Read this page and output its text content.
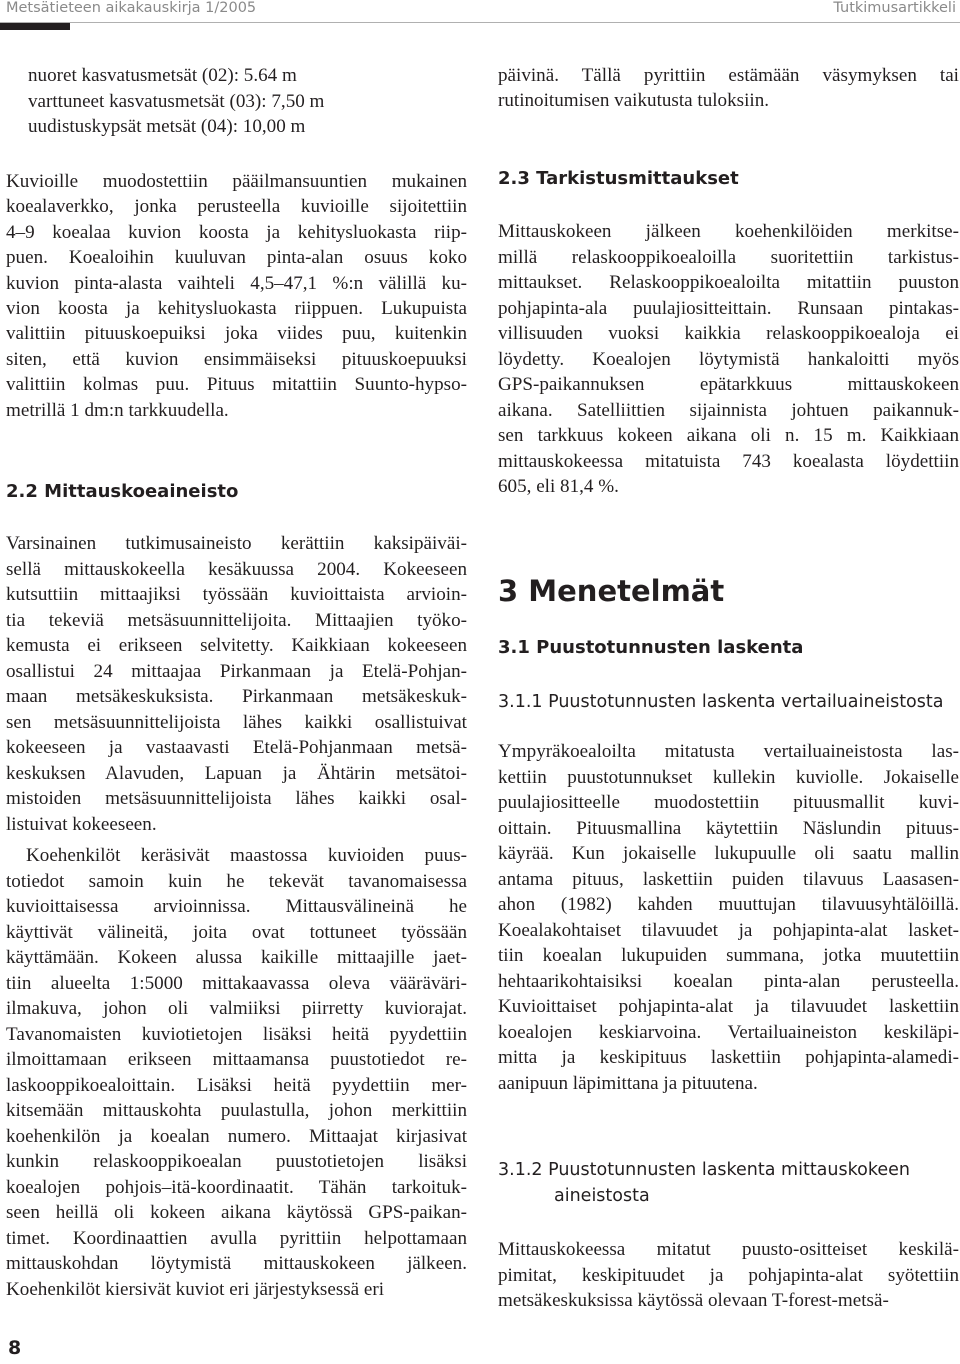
Metsätieteen aikakauskirja 1/2005	Tutkimusartikkeli
nuoret kasvatusmetsät (02): 5.64 m
varttuneet kasvatusmetsät (03): 7,50 m
uudistuskypsät metsät (04): 10,00 m
Kuvioille muodostettiin pääilmansuuntien mukainen
koealaverkko, jonka perusteella kuvioille sijoitettiin
4–9 koealaa kuvion koosta ja kehitysluokasta riip-
puen. Koealoihin kuuluvan pinta-alan osuus koko
kuvion pinta-alasta vaihteli 4,5–47,1 %:n välillä ku-
vion koosta ja kehitysluokasta riippuen. Lukupuista
valittiin pituuskoepuiksi joka viides puu, kuitenkin
siten, että kuvion ensimmäiseksi pituuskoepuuksi
valittiin kolmas puu. Pituus mitattiin Suunto-hypso-
metrillä 1 dm:n tarkkuudella.
2.2 Mittauskoeaineisto
Varsinainen tutkimusaineisto kerättiin kaksipäiväi-
sellä mittauskokeella kesäkuussa 2004. Kokeeseen
kutsuttiin mittaajiksi työssään kuvioittaista arvioin-
tia tekeviä metsäsuunnittelijoita. Mittaajien työko-
kemusta ei erikseen selvitetty. Kaikkiaan kokeeseen
osallistui 24 mittaajaa Pirkanmaan ja Etelä-Pohjan-
maan metsäkeskuksista. Pirkanmaan metsäkeskuk-
sen metsäsuunnittelijoista lähes kaikki osallistuivat
kokeeseen ja vastaavasti Etelä-Pohjanmaan metsä-
keskuksen Alavuden, Lapuan ja Ähtärin metsätoi-
mistoiden metsäsuunnittelijoista lähes kaikki osal-
listuivat kokeeseen.
Koehenkilöt keräsivät maastossa kuvioiden puus-
totiedot samoin kuin he tekevät tavanomaisessa
kuvioittaisessa arvioinnissa. Mittausvälineinä he
käyttivät välineitä, joita ovat tottuneet työssään
käyttämään. Kokeen alussa kaikille mittaajille jaet-
tiin alueelta 1:5000 mittakaavassa oleva vääräväri-
ilmakuva, johon oli valmiiksi piirretty kuviorajat.
Tavanomaisten kuviotietojen lisäksi heitä pyydettiin
ilmoittamaan erikseen mittaamansa puustotiedot re-
laskooppikoealoittain. Lisäksi heitä pyydettiin mer-
kitsemään mittauskohta puulastulla, johon merkittiin
koehenkilön ja koealan numero. Mittaajat kirjasivat
kunkin relaskooppikoealan puustotietojen lisäksi
koealojen pohjois–itä-koordinaatit. Tähän tarkoituk-
seen heillä oli kokeen aikana käytössä GPS-paikan-
timet. Koordinaattien avulla pyrittiin helpottamaan
mittauskohdan löytymistä mittauskokeen jälkeen.
Koehenkilöt kiersivät kuviot eri järjestyksessä eri
päivinä. Tällä pyrittiin estämään väsymyksen tai
rutinoitumisen vaikutusta tuloksiin.
2.3 Tarkistusmittaukset
Mittauskokeen jälkeen koehenkilöiden merkitse-
millä relaskooppikoealoilla suoritettiin tarkistus-
mittaukset. Relaskooppikoealoilta mitattiin puuston
pohjapinta-ala puulajiositteittain. Runsaan pintakas-
villisuuden vuoksi kaikkia relaskooppikoealoja ei
löydetty. Koealojen löytymistä hankaloitti myös
GPS-paikannuksen epätarkkuus mittauskokeen
aikana. Satelliittien sijainnista johtuen paikannuk-
sen tarkkuus kokeen aikana oli n. 15 m. Kaikkiaan
mittauskokeessa mitatuista 743 koealasta löydettiin
605, eli 81,4 %.
3 Menetelmät
3.1 Puustotunnusten laskenta
3.1.1 Puustotunnusten laskenta vertailuaineistosta
Ympyräkoealoilta mitatusta vertailuaineistosta las-
kettiin puustotunnukset kullekin kuviolle. Jokaiselle
puulajiositteelle muodostettiin pituusmallit kuvi-
oittain. Pituusmallina käytettiin Näslundin pituus-
käyrää. Kun jokaiselle lukupuulle oli saatu mallin
antama pituus, laskettiin puiden tilavuus Laasasen-
ahon (1982) kahden muuttujan tilavuusyhtälöillä.
Koealakohtaiset tilavuudet ja pohjapinta-alat lasket-
tiin koealan lukupuiden summana, jotka muutettiin
hehtaarikohtaisiksi koealan pinta-alan perusteella.
Kuvioittaiset pohjapinta-alat ja tilavuudet laskettiin
koealojen keskiarvoina. Vertailuaineiston keskiläpi-
mitta ja keskipituus laskettiin pohjapinta-alamedi-
aanipuun läpimittana ja pituutena.
3.1.2 Puustotunnusten laskenta mittauskokeen
aineistosta
Mittauskokeessa mitatut puusto-ositteiset keskilä-
pimitat, keskipituudet ja pohjapinta-alat syötettiin
metsäkeskuksissa käytössä olevaan T-forest-metsä-
8
